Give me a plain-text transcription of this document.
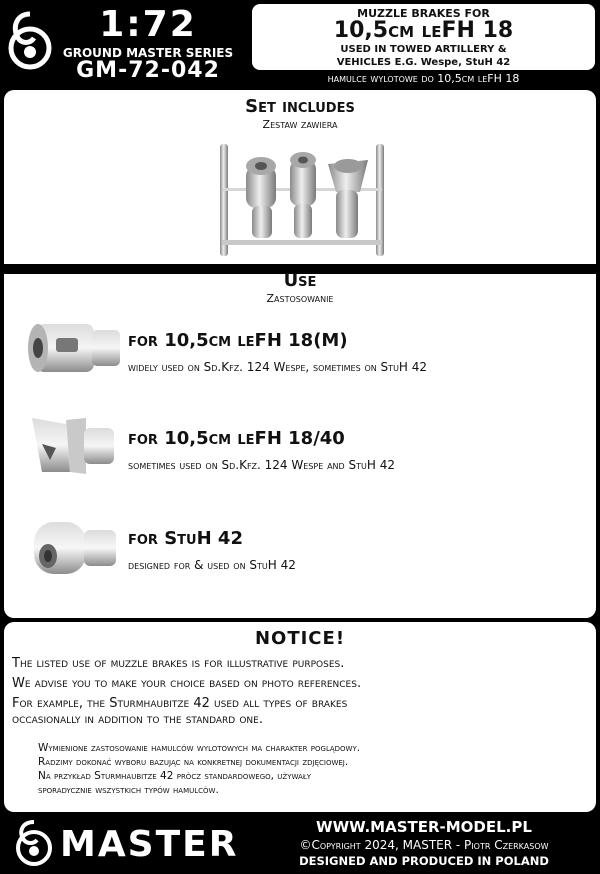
1:72
GROUND MASTER SERIES
GM-72-042
MUZZLE BRAKES FOR
10,5cm leFH 18
USED IN TOWED ARTILLERY &
VEHICLES E.G. Wespe, StuH 42
hamulce wylotowe do 10,5cm leFH 18
Set includes
Zestaw zawiera
Use
Zastosowanie
for 10,5cm leFH 18(M)
widely used on Sd.Kfz. 124 Wespe, sometimes on StuH 42
for 10,5cm leFH 18/40
sometimes used on Sd.Kfz. 124 Wespe and StuH 42
for StuH 42
designed for & used on StuH 42
NOTICE!
The listed use of muzzle brakes is for illustrative purposes.
We advise you to make your choice based on photo references.
For example, the Sturmhaubitze 42 used all types of brakes
occasionally in addition to the standard one.
Wymienione zastosowanie hamulców wylotowych ma charakter poglądowy.
Radzimy dokonać wyboru bazując na konkretnej dokumentacji zdjęciowej.
Na przykład Sturmhaubitze 42 prócz standardowego, używały
sporadycznie wszystkich typów hamulców.
MASTER	WWW.MASTER-MODEL.PL
©Copyright 2024, MASTER - Piotr Czerkasow
DESIGNED AND PRODUCED IN POLAND
